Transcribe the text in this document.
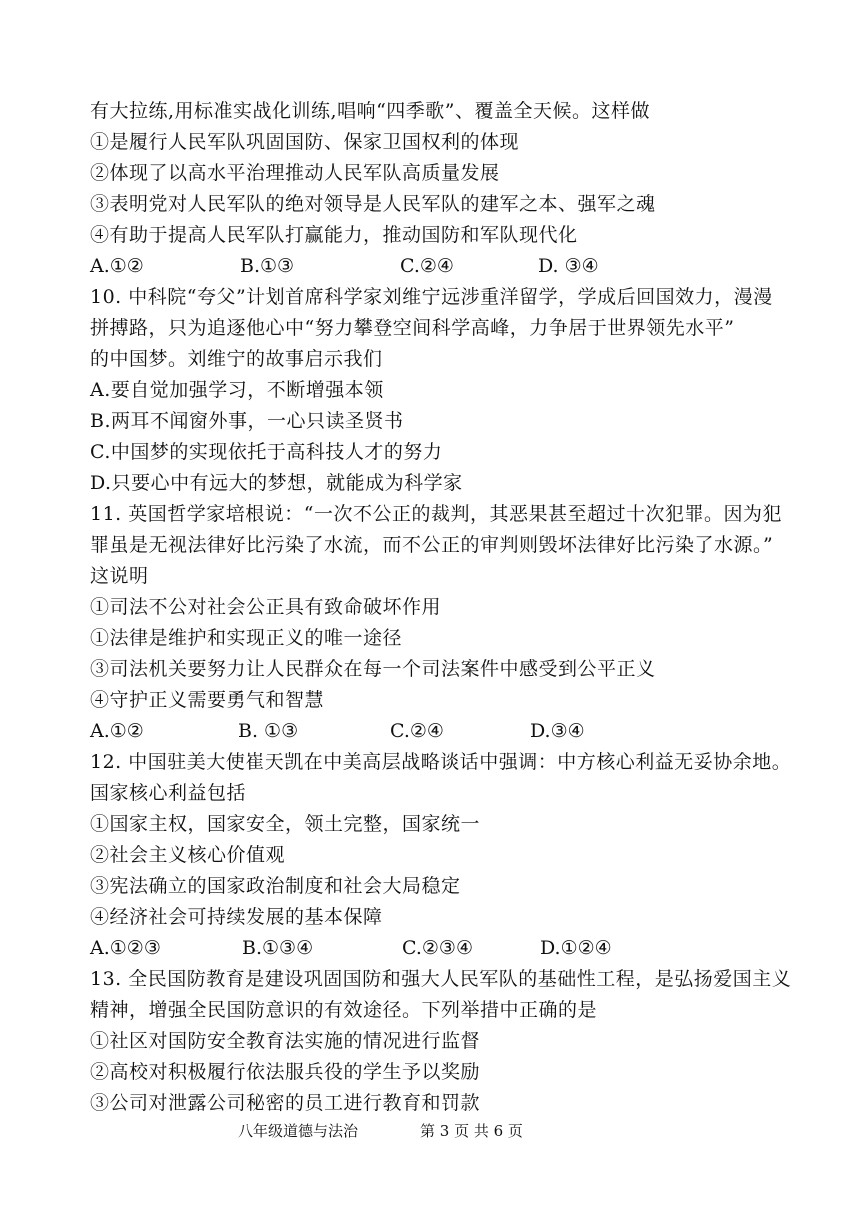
有大拉练,用标准实战化训练,唱响“四季歌”、覆盖全天候。这样做
①是履行人民军队巩固国防、保家卫国权利的体现
②体现了以高水平治理推动人民军队高质量发展
③表明党对人民军队的绝对领导是人民军队的建军之本、强军之魂
④有助于提高人民军队打赢能力，推动国防和军队现代化
A.①②	B.①③	C.②④	D. ③④
10. 中科院“夸父”计划首席科学家刘维宁远涉重洋留学，学成后回国效力，漫漫
拼搏路，只为追逐他心中“努力攀登空间科学高峰，力争居于世界领先水平”
的中国梦。刘维宁的故事启示我们
A.要自觉加强学习，不断增强本领
B.两耳不闻窗外事，一心只读圣贤书
C.中国梦的实现依托于高科技人才的努力
D.只要心中有远大的梦想，就能成为科学家
11. 英国哲学家培根说：“一次不公正的裁判，其恶果甚至超过十次犯罪。因为犯
罪虽是无视法律好比污染了水流，而不公正的审判则毁坏法律好比污染了水源。”
这说明
①司法不公对社会公正具有致命破坏作用
①法律是维护和实现正义的唯一途径
③司法机关要努力让人民群众在每一个司法案件中感受到公平正义
④守护正义需要勇气和智慧
A.①②	B. ①③	C.②④	D.③④
12. 中国驻美大使崔天凯在中美高层战略谈话中强调：中方核心利益无妥协余地。
国家核心利益包括
①国家主权，国家安全，领土完整，国家统一
②社会主义核心价值观
③宪法确立的国家政治制度和社会大局稳定
④经济社会可持续发展的基本保障
A.①②③	B.①③④	C.②③④	D.①②④
13. 全民国防教育是建设巩固国防和强大人民军队的基础性工程，是弘扬爱国主义
精神，增强全民国防意识的有效途径。下列举措中正确的是
①社区对国防安全教育法实施的情况进行监督
②高校对积极履行依法服兵役的学生予以奖励
③公司对泄露公司秘密的员工进行教育和罚款
八年级道德与法治	第 3 页 共 6 页
